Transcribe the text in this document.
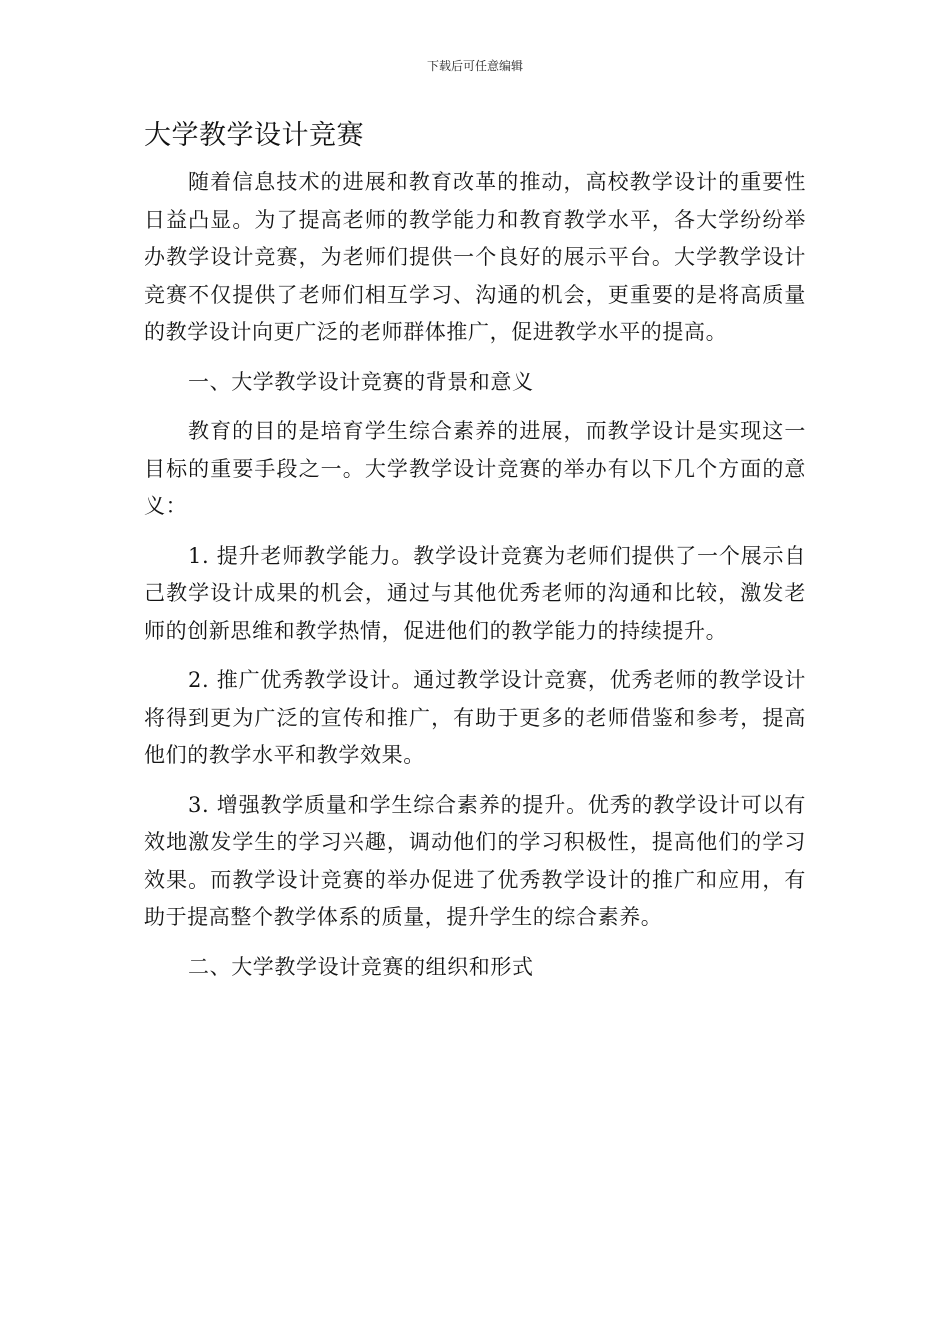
下载后可任意编辑
大学教学设计竞赛

随着信息技术的进展和教育改革的推动，高校教学设计的重要性日益凸显。为了提高老师的教学能力和教育教学水平，各大学纷纷举办教学设计竞赛，为老师们提供一个良好的展示平台。大学教学设计竞赛不仅提供了老师们相互学习、沟通的机会，更重要的是将高质量的教学设计向更广泛的老师群体推广，促进教学水平的提高。

一、大学教学设计竞赛的背景和意义

教育的目的是培育学生综合素养的进展，而教学设计是实现这一目标的重要手段之一。大学教学设计竞赛的举办有以下几个方面的意义：

1. 提升老师教学能力。教学设计竞赛为老师们提供了一个展示自己教学设计成果的机会，通过与其他优秀老师的沟通和比较，激发老师的创新思维和教学热情，促进他们的教学能力的持续提升。

2. 推广优秀教学设计。通过教学设计竞赛，优秀老师的教学设计将得到更为广泛的宣传和推广，有助于更多的老师借鉴和参考，提高他们的教学水平和教学效果。

3. 增强教学质量和学生综合素养的提升。优秀的教学设计可以有效地激发学生的学习兴趣，调动他们的学习积极性，提高他们的学习效果。而教学设计竞赛的举办促进了优秀教学设计的推广和应用，有助于提高整个教学体系的质量，提升学生的综合素养。

二、大学教学设计竞赛的组织和形式
